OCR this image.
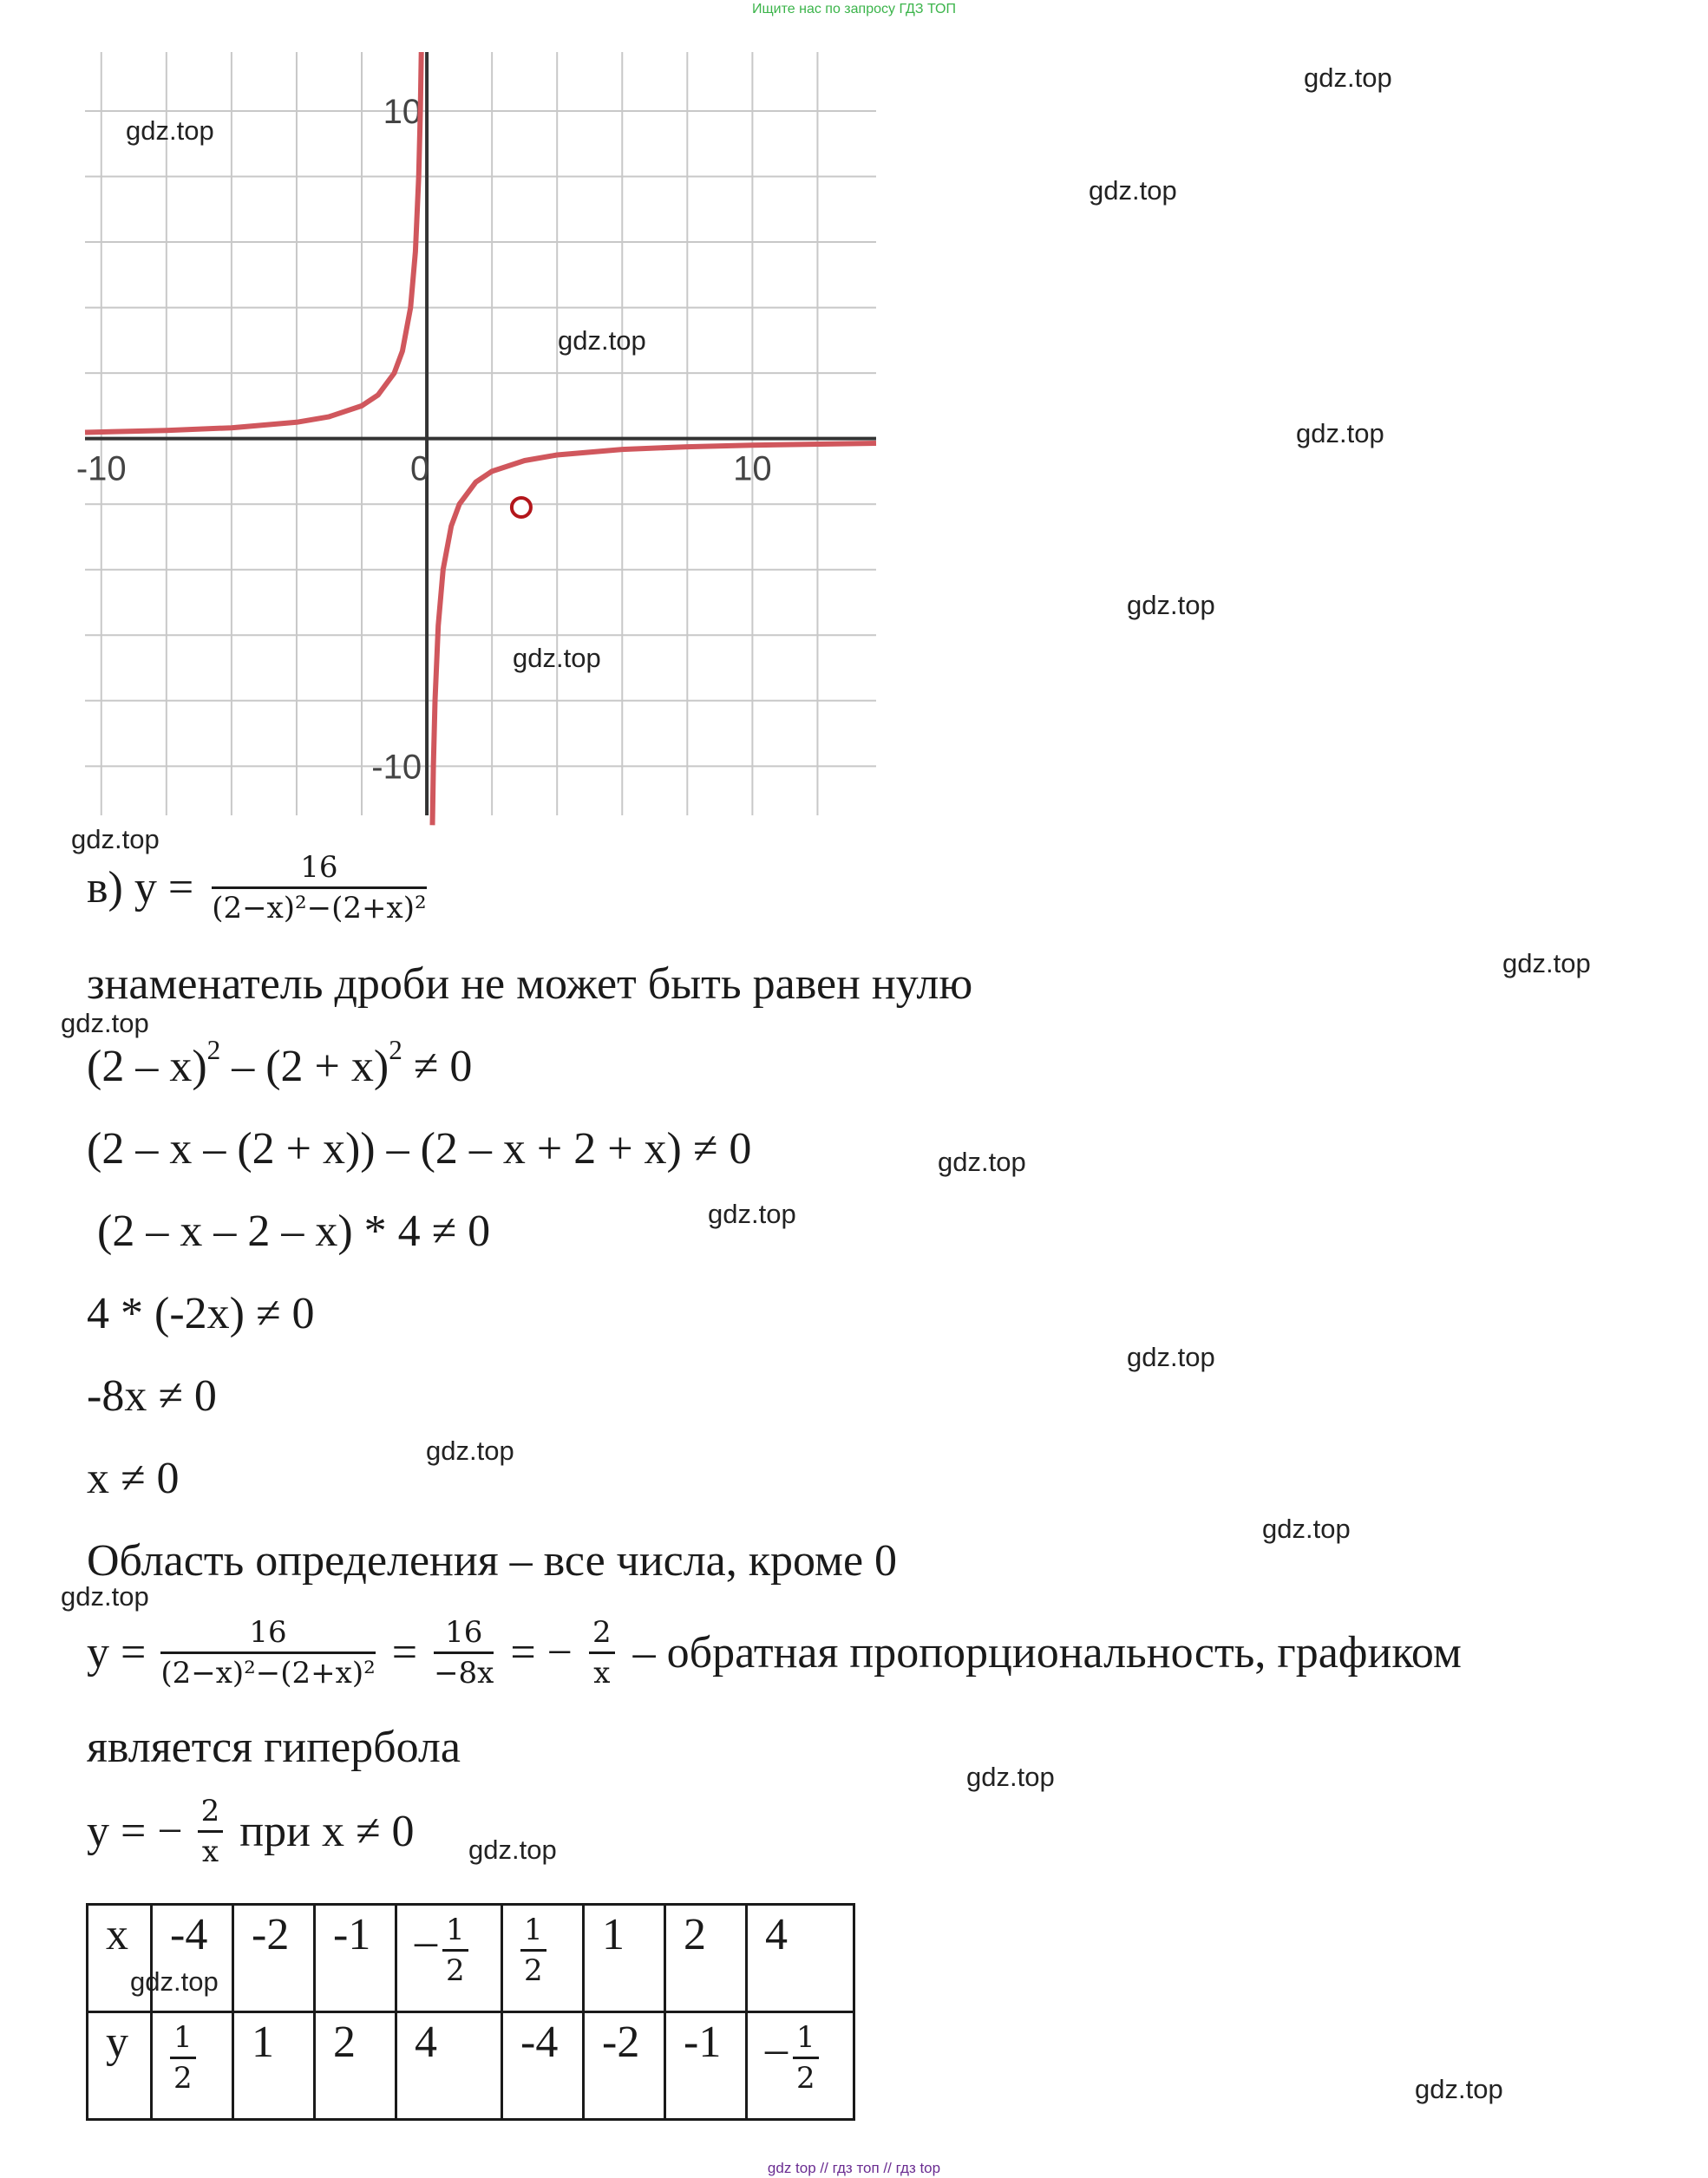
Ищите нас по запросу ГДЗ ТОП
-10	0	10
10
-10
gdz.top
gdz.top
gdz.top
gdz.top
gdz.top
gdz.top
gdz.top
gdz.top
gdz.top
gdz.top
gdz.top
gdz.top
gdz.top
gdz.top
gdz.top
gdz.top
gdz.top
gdz.top
gdz.top
gdz.top
в) $y = \frac{16}{\text{(2−x)²−(2+x)²}}$
знаменатель дроби не может быть равен нулю
$(2 - x)^2 - (2 + x)^2 \ne 0$
(2 – x – (2 + x)) – (2 – x + 2 + x) ≠ 0
(2 – x – 2 – x) * 4 ≠ 0
4 * (-2x) ≠ 0
-8x ≠ 0
x ≠ 0
Область определения – все числа, кроме 0
$y = \frac{16}{\text{(2−x)²−(2+x)²}} = \frac{16}{-8x}$ = − $\frac{2}{x}$ – обратная пропорциональность, графиком
является гипербола
y = − $\frac{2}{x}$ при x ≠ 0
x	-4	-2	-1	– $\frac{1}{2}$	$\frac{1}{2}$	1	2	4
y	$\frac{1}{2}$	1	2	4	-4	-2	-1	– $\frac{1}{2}$
gdz top // гдз топ // гдз top
